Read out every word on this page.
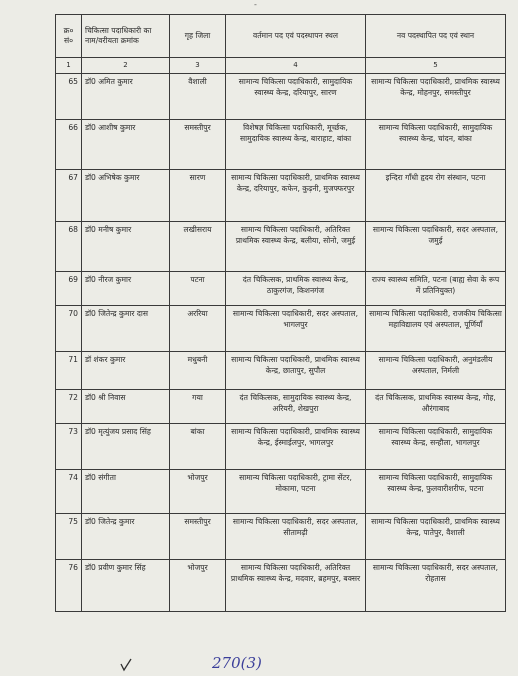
-
क्र० सं०	चिकित्सा पदाधिकारी का नाम/वरीयता क्रमांक	गृह जिला	वर्तमान पद एवं पदस्थापन स्थल	नव पदस्थापित पद एवं स्थान
1	2	3	4	5
65	डॉ0 अमित कुमार	वैशाली	सामान्य चिकित्सा पदाधिकारी, सामुदायिक स्वास्थ्य केन्द्र, दरियापुर, सारण	सामान्य चिकित्सा पदाधिकारी, प्राथमिक स्वास्थ्य केन्द्र, मोहनपुर, समस्तीपुर
66	डॉ0 आशीष कुमार	समस्तीपुर	विशेषज्ञ चिकित्सा पदाधिकारी, मूर्च्छक, सामुदायिक स्वास्थ्य केन्द्र, बाराहाट, बांका	सामान्य चिकित्सा पदाधिकारी, सामुदायिक स्वास्थ्य केन्द्र, चांदन, बांका
67	डॉ0 अभिषेक कुमार	सारण	सामान्य चिकित्सा पदाधिकारी, प्राथमिक स्वास्थ्य केन्द्र, दरियापुर, कफेन, कुढ़नी, मुजफ्फरपुर	इन्दिरा गाँधी हृदय रोग संस्थान, पटना
68	डॉ0 मनीष कुमार	लखीसराय	सामान्य चिकित्सा पदाधिकारी, अतिरिक्त प्राथमिक स्वास्थ्य केन्द्र, बलीया, सोनो, जमुई	सामान्य चिकित्सा पदाधिकारी, सदर अस्पताल, जमुई
69	डॉ0 नीरज कुमार	पटना	दंत चिकित्सक, प्राथमिक स्वास्थ्य केन्द्र, ठाकुरगंज, किशनगंज	राज्य स्वास्थ्य समिति, पटना (बाह्य सेवा के रूप में प्रतिनियुक्त)
70	डॉ0 जितेन्द्र कुमार दास	अररिया	सामान्य चिकित्सा पदाधिकारी, सदर अस्पताल, भागलपुर	सामान्य चिकित्सा पदाधिकारी, राजकीय चिकित्सा महाविद्यालय एवं अस्पताल, पूर्णियाँ
71	डॉ शंकर कुमार	मधुबनी	सामान्य चिकित्सा पदाधिकारी, प्राथमिक स्वास्थ्य केन्द्र, छातापुर, सुपौल	सामान्य चिकित्सा पदाधिकारी, अनुमंडलीय अस्पताल, निर्मली
72	डॉ0 श्री निवास	गया	दंत चिकित्सक, सामुदायिक स्वास्थ्य केन्द्र, अरियरी, शेखपुरा	दंत चिकित्सक, प्राथमिक स्वास्थ्य केन्द्र, गोह, औरंगाबाद
73	डॉ0 मृत्युंजय प्रसाद सिंह	बांका	सामान्य चिकित्सा पदाधिकारी, प्राथमिक स्वास्थ्य केन्द्र, ईस्माईलपुर, भागलपुर	सामान्य चिकित्सा पदाधिकारी, सामुदायिक स्वास्थ्य केन्द्र, सन्हौला, भागलपुर
74	डॉ0 संगीता	भोजपुर	सामान्य चिकित्सा पदाधिकारी, ट्रामा सेंटर, मोकामा, पटना	सामान्य चिकित्सा पदाधिकारी, सामुदायिक स्वास्थ्य केन्द्र, फुलवारीशरीफ, पटना
75	डॉ0 जितेन्द्र कुमार	समस्तीपुर	सामान्य चिकित्सा पदाधिकारी, सदर अस्पताल, सीतामढ़ी	सामान्य चिकित्सा पदाधिकारी, प्राथमिक स्वास्थ्य केन्द्र, पातेपुर, वैशाली
76	डॉ0 प्रवीण कुमार सिंह	भोजपुर	सामान्य चिकित्सा पदाधिकारी, अतिरिक्त प्राथमिक स्वास्थ्य केन्द्र, मदवार, ब्रहमपुर, बक्सर	सामान्य चिकित्सा पदाधिकारी, सदर अस्पताल, रोहतास
270(3)
